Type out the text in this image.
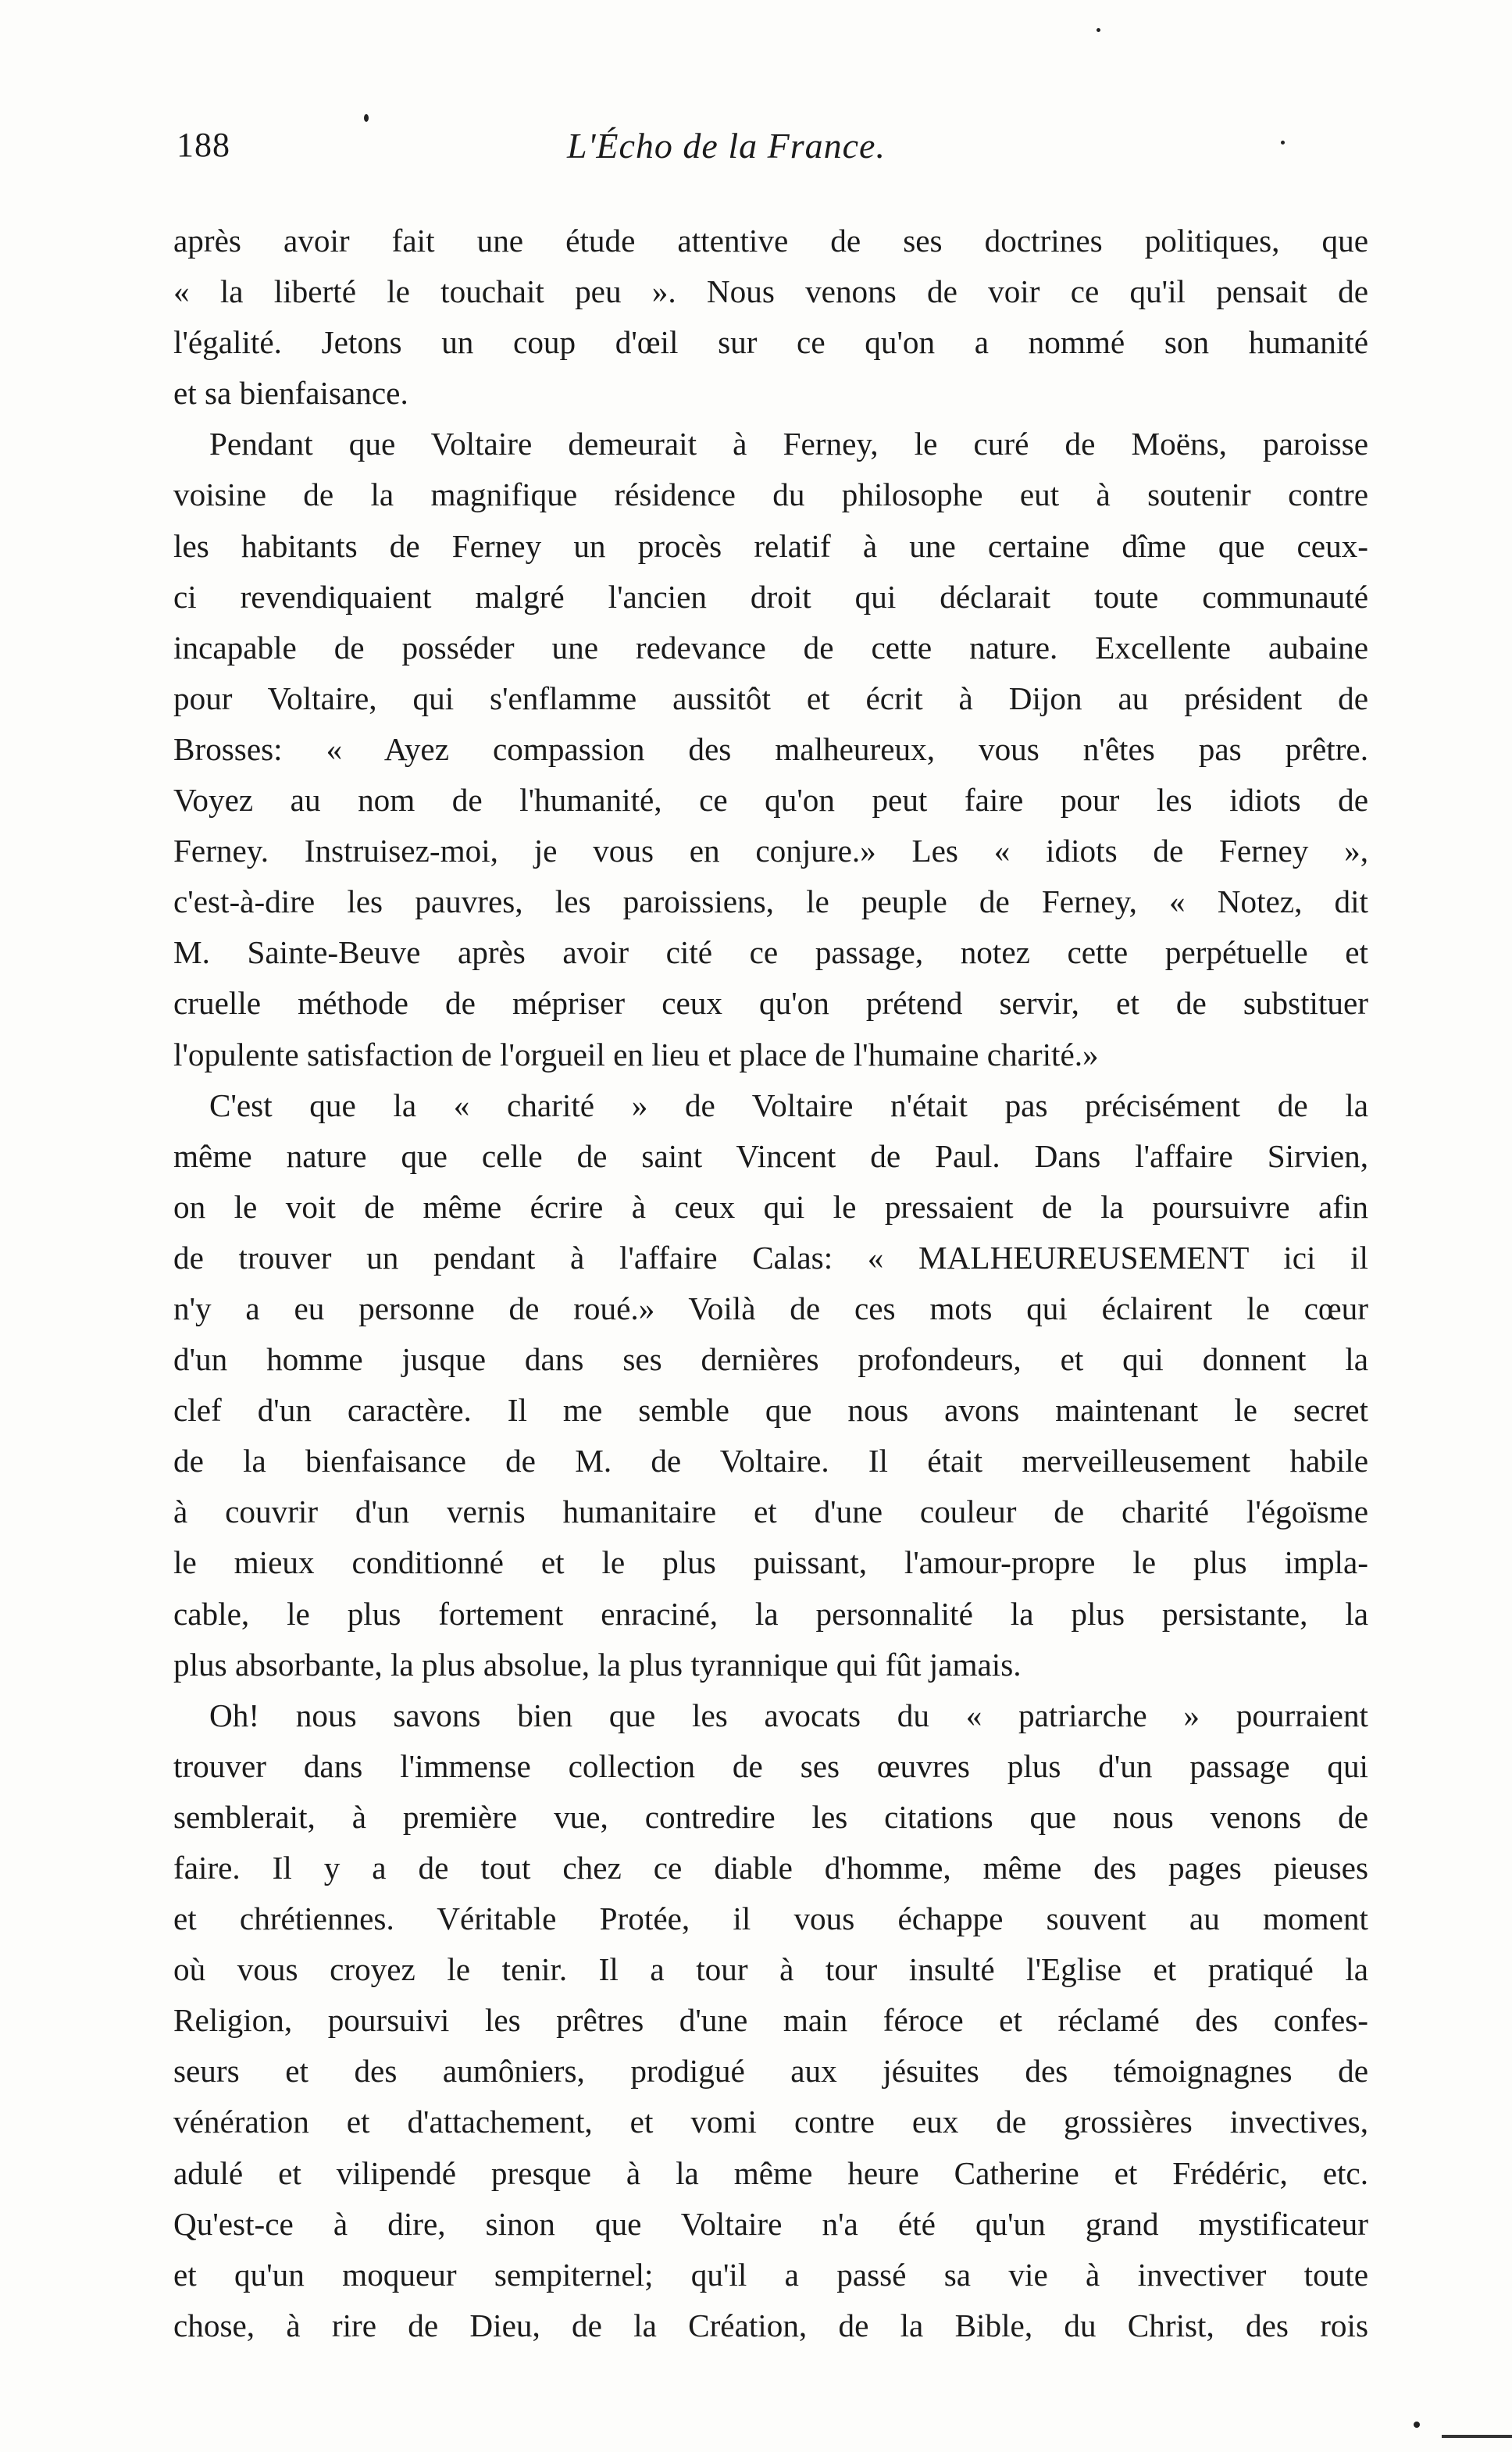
188	L'Écho de la France.

après avoir fait une étude attentive de ses doctrines politiques, que
« la liberté le touchait peu ». Nous venons de voir ce qu'il pensait de
l'égalité. Jetons un coup d'œil sur ce qu'on a nommé son humanité
et sa bienfaisance.

Pendant que Voltaire demeurait à Ferney, le curé de Moëns, paroisse
voisine de la magnifique résidence du philosophe eut à soutenir contre
les habitants de Ferney un procès relatif à une certaine dîme que ceux-
ci revendiquaient malgré l'ancien droit qui déclarait toute communauté
incapable de posséder une redevance de cette nature. Excellente aubaine
pour Voltaire, qui s'enflamme aussitôt et écrit à Dijon au président de
Brosses: « Ayez compassion des malheureux, vous n'êtes pas prêtre.
Voyez au nom de l'humanité, ce qu'on peut faire pour les idiots de
Ferney. Instruisez-moi, je vous en conjure.» Les « idiots de Ferney »,
c'est-à-dire les pauvres, les paroissiens, le peuple de Ferney, « Notez, dit
M. Sainte-Beuve après avoir cité ce passage, notez cette perpétuelle et
cruelle méthode de mépriser ceux qu'on prétend servir, et de substituer
l'opulente satisfaction de l'orgueil en lieu et place de l'humaine charité.»

C'est que la « charité » de Voltaire n'était pas précisément de la
même nature que celle de saint Vincent de Paul. Dans l'affaire Sirvien,
on le voit de même écrire à ceux qui le pressaient de la poursuivre afin
de trouver un pendant à l'affaire Calas: « MALHEUREUSEMENT ici il
n'y a eu personne de roué.» Voilà de ces mots qui éclairent le cœur
d'un homme jusque dans ses dernières profondeurs, et qui donnent la
clef d'un caractère. Il me semble que nous avons maintenant le secret
de la bienfaisance de M. de Voltaire. Il était merveilleusement habile
à couvrir d'un vernis humanitaire et d'une couleur de charité l'égoïsme
le mieux conditionné et le plus puissant, l'amour-propre le plus impla-
cable, le plus fortement enraciné, la personnalité la plus persistante, la
plus absorbante, la plus absolue, la plus tyrannique qui fût jamais.

Oh! nous savons bien que les avocats du « patriarche » pourraient
trouver dans l'immense collection de ses œuvres plus d'un passage qui
semblerait, à première vue, contredire les citations que nous venons de
faire. Il y a de tout chez ce diable d'homme, même des pages pieuses
et chrétiennes. Véritable Protée, il vous échappe souvent au moment
où vous croyez le tenir. Il a tour à tour insulté l'Eglise et pratiqué la
Religion, poursuivi les prêtres d'une main féroce et réclamé des confes-
seurs et des aumôniers, prodigué aux jésuites des témoignagnes de
vénération et d'attachement, et vomi contre eux de grossières invectives,
adulé et vilipendé presque à la même heure Catherine et Frédéric, etc.
Qu'est-ce à dire, sinon que Voltaire n'a été qu'un grand mystificateur
et qu'un moqueur sempiternel; qu'il a passé sa vie à invectiver toute
chose, à rire de Dieu, de la Création, de la Bible, du Christ, des rois
